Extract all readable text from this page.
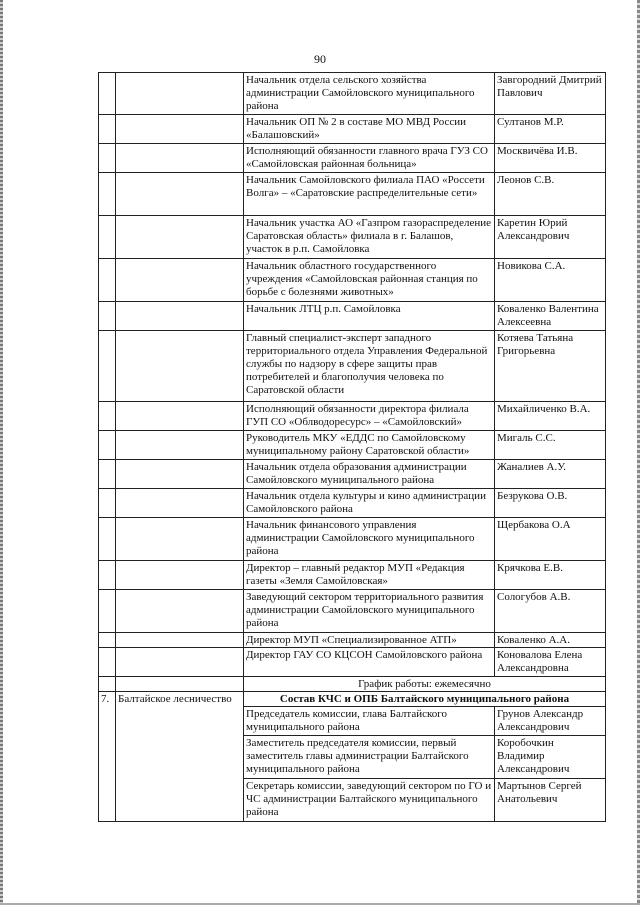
90
		Начальник отдела сельского хозяйства администрации Самойловского муниципального района	Завгородний Дмитрий Павлович
		Начальник ОП № 2 в составе МО МВД России «Балашовский»	Султанов М.Р.
		Исполняющий обязанности главного врача ГУЗ СО «Самойловская районная больница»	Москвичёва И.В.
		Начальник Самойловского филиала ПАО «Россети Волга» – «Саратовские распределительные сети»	Леонов С.В.
		Начальник участка АО «Газпром газораспределение Саратовская область» филиала в г. Балашов, участок в р.п. Самойловка	Каретин Юрий Александрович
		Начальник областного государственного учреждения «Самойловская районная станция по борьбе с болезнями животных»	Новикова С.А.
		Начальник ЛТЦ р.п. Самойловка	Коваленко Валентина Алексеевна
		Главный специалист-эксперт западного территориального отдела Управления Федеральной службы по надзору в сфере защиты прав потребителей и благополучия человека по Саратовской области	Котяева Татьяна Григорьевна
		Исполняющий обязанности директора филиала ГУП СО «Облводоресурс» – «Самойловский»	Михайличенко В.А.
		Руководитель МКУ «ЕДДС по Самойловскому муниципальному району Саратовской области»	Мигаль С.С.
		Начальник отдела образования администрации Самойловского муниципального района	Жаналиев А.У.
		Начальник отдела культуры и кино администрации Самойловского района	Безрукова О.В.
		Начальник финансового управления администрации Самойловского муниципального района	Щербакова О.А
		Директор – главный редактор МУП «Редакция газеты «Земля Самойловская»	Крячкова Е.В.
		Заведующий сектором территориального развития администрации Самойловского муниципального района	Сологубов А.В.
		Директор МУП «Специализированное АТП»	Коваленко А.А.
		Директор ГАУ СО КЦСОН Самойловского района	Коновалова Елена Александровна
		График работы: ежемесячно	
7.	Балтайское лесничество	Состав КЧС и ОПБ Балтайского муниципального района	
		Председатель комиссии, глава Балтайского муниципального района	Грунов Александр Александрович
		Заместитель председателя комиссии, первый заместитель главы администрации Балтайского муниципального района	Коробочкин Владимир Александрович
		Секретарь комиссии, заведующий сектором по ГО и ЧС администрации Балтайского муниципального района	Мартынов Сергей Анатольевич
